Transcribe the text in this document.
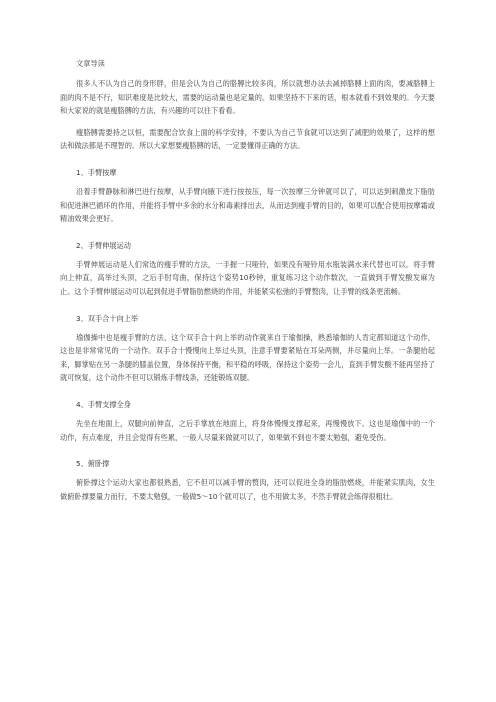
文章导读

很多人不认为自己的身形胖，但是会认为自己的胳膊比较多肉，所以就想办法去减掉胳膊上面的肉，要减胳膊上面的肉不是不行，知识难度是比较大，需要的运动量也是定量的。如果坚持不下来的话，根本就看不到效果的。今天要和大家说的就是瘦胳膊的方法，有兴趣的可以往下看看。

瘦胳膊需要持之以恒，需要配合饮食上面的科学安排，不要认为自己节食就可以达到了减肥的效果了，这样的想法和做法都是不理智的。所以大家想要瘦胳膊的话，一定要懂得正确的方法。

1、手臂按摩

沿着手臂静脉和淋巴进行按摩，从手臂向腋下进行按按压，每一次按摩三分钟就可以了，可以达到刺激皮下脂肪和促进淋巴循环的作用，并能将手臂中多余的水分和毒素排出去，从而达到瘦手臂的目的，如果可以配合使用按摩霜或精油效果会更好。

2、手臂伸展运动

手臂伸展运动是人们常选的瘦手臂的方法，一手握一只哑铃，如果没有哑铃用水瓶装满水来代替也可以。将手臂向上伸直，高举过头顶，之后手肘弯曲，保持这个姿势10秒钟，重复练习这个动作数次，一直做到手臂发酸发麻为止。这个手臂伸展运动可以起到促进手臂脂肪燃烧的作用，并能紧实松弛的手臂赘肉，让手臂的线条更流畅。

3、双手合十向上举

瑜伽操中也是瘦手臂的方法，这个双手合十向上举的动作就来自于瑜伽操，熟悉瑜伽的人肯定都知道这个动作，这也是非常常见的一个动作。双手合十慢慢向上举过头顶，注意手臂要紧贴在耳朵两侧，并尽量向上举。一条腿抬起来，脚掌贴在另一条腿的膝盖位置，身体保持平衡，和平稳的呼吸，保持这个姿势一会儿，直到手臂发酸不能再坚持了就可恢复，这个动作不但可以锻炼手臂线条，还能锻炼双腿。

4、手臂支撑全身

先坐在地面上，双腿向前伸直，之后手掌放在地面上，将身体慢慢支撑起来，再慢慢放下。这也是瑜伽中的一个动作，有点难度，并且会觉得有些累，一般人尽量来做就可以了，如果做不到也不要太勉强，避免受伤。

5、俯卧撑

俯卧撑这个运动大家也都很熟悉，它不但可以减手臂的赘肉，还可以促进全身的脂肪燃烧，并能紧实肌肉，女生做俯卧撑要量力而行，不要太勉强，一般做5～10个就可以了，也不用做太多，不然手臂就会练得很粗壮。
